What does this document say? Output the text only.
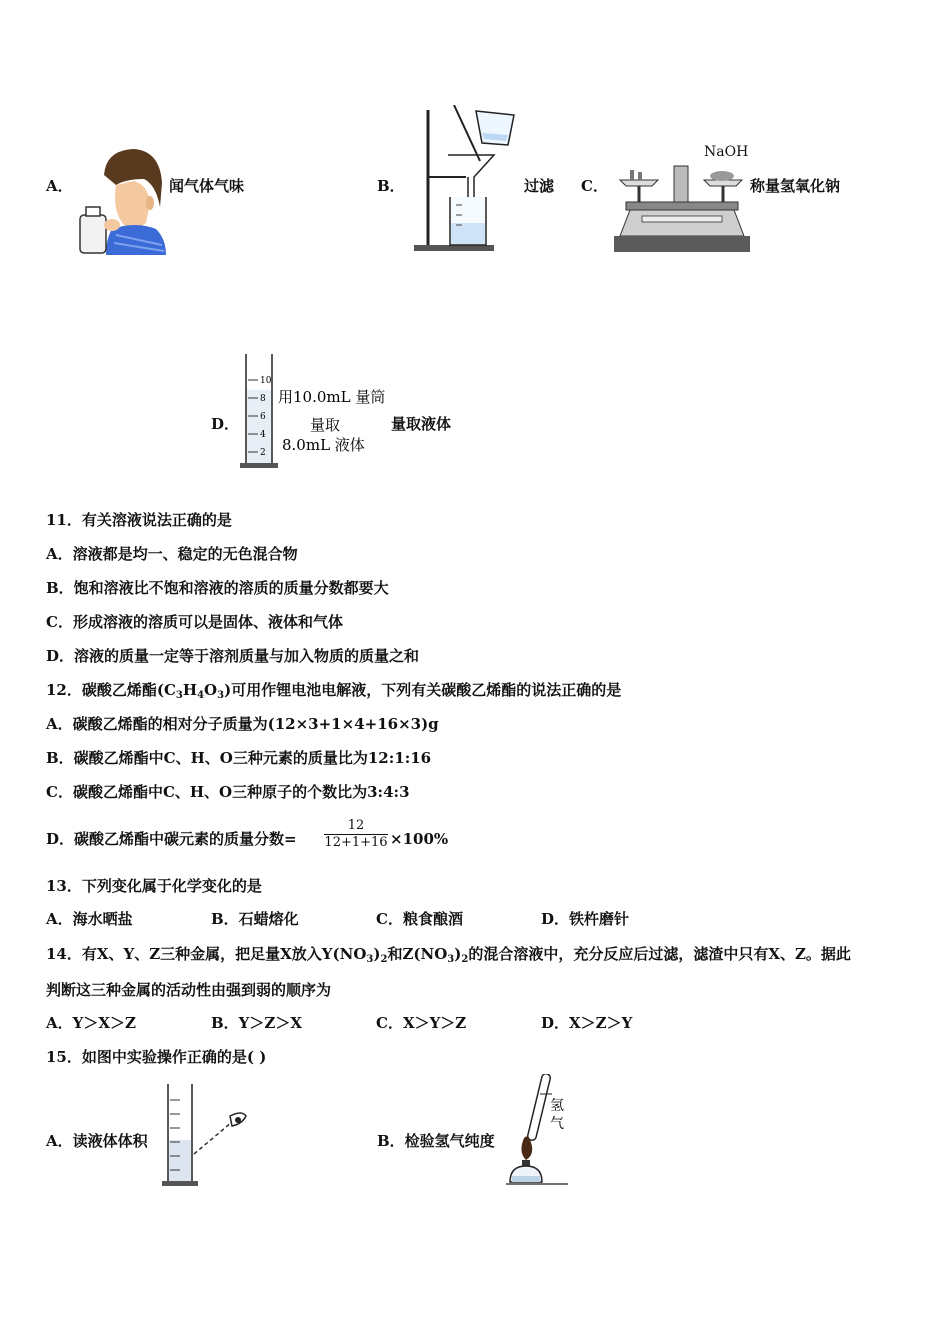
A．	闻气体气味	B．	过滤 C．
NaOH
称量氢氧化钠
D．
10
8
6
4
2
用10.0mL 量筒
量取
8.0mL 液体
量取液体
11．有关溶液说法正确的是
A．溶液都是均一、稳定的无色混合物
B．饱和溶液比不饱和溶液的溶质的质量分数都要大
C．形成溶液的溶质可以是固体、液体和气体
D．溶液的质量一定等于溶剂质量与加入物质的质量之和
12．碳酸乙烯酯$(C_3H_4O_3)$可用作锂电池电解液，下列有关碳酸乙烯酯的说法正确的是
A．碳酸乙烯酯的相对分子质量为(12×3+1×4+16×3)g
B．碳酸乙烯酯中C、H、O三种元素的质量比为12:1:16
C．碳酸乙烯酯中C、H、O三种原子的个数比为3:4:3
D．碳酸乙烯酯中碳元素的质量分数= $\frac{12}{12+1+16} \times 100\%$
13．下列变化属于化学变化的是
A．海水晒盐	B．石蜡熔化	C．粮食酿酒	D．铁杵磨针
14．有X、Y、Z三种金属，把足量X放入$Y(NO_3)_2$和$Z(NO_3)_2$的混合溶液中，充分反应后过滤，滤渣中只有X、Z。据此
判断这三种金属的活动性由强到弱的顺序为
A．Y＞X＞Z	B．Y＞Z＞X	C．X＞Y＞Z	D．X＞Z＞Y
15．如图中实验操作正确的是( )
A．读液体体积	B．检验氢气纯度
氢
气
